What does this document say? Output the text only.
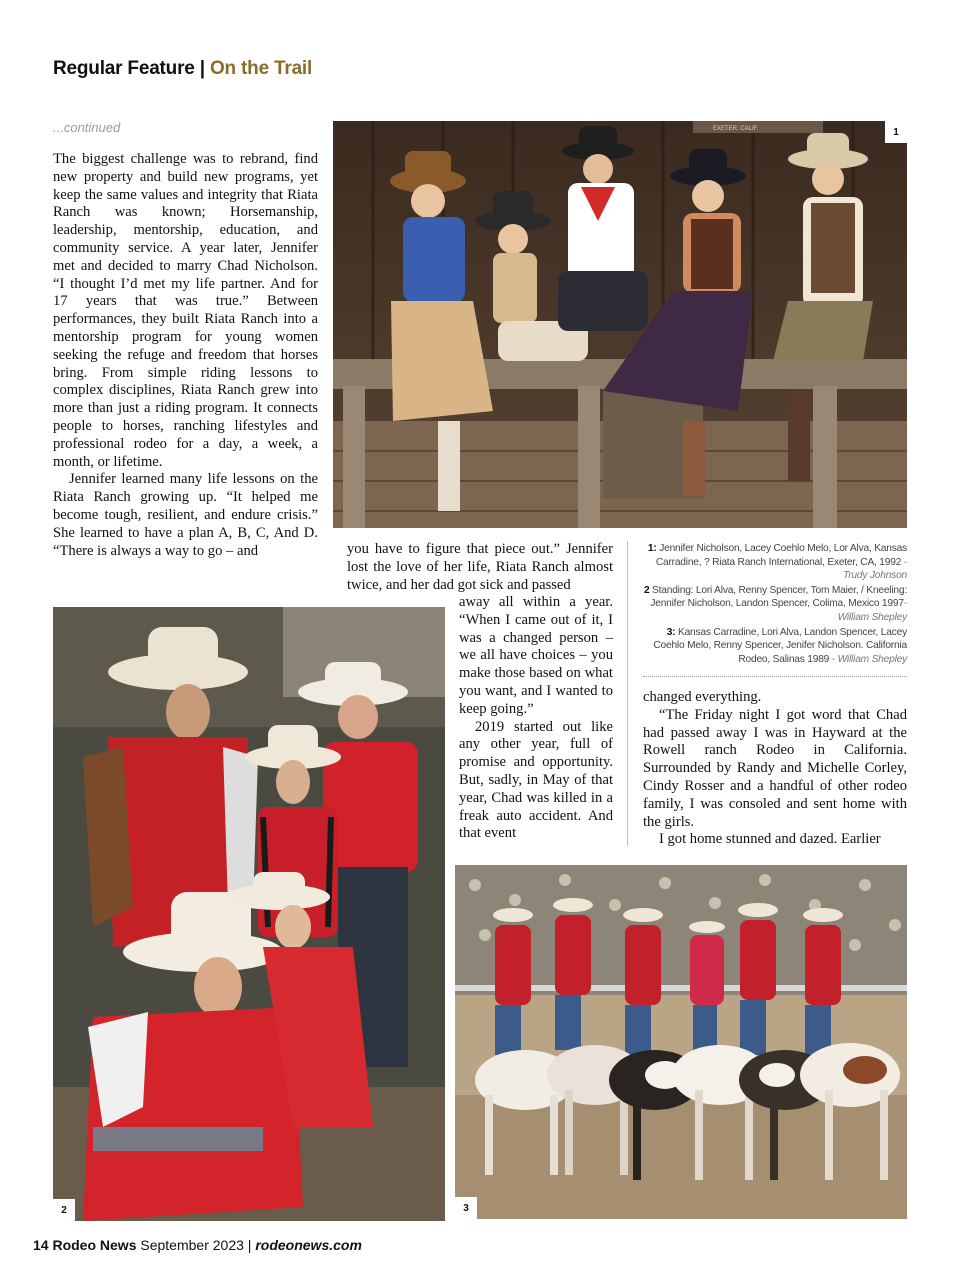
Regular Feature | On the Trail
...continued

The biggest challenge was to rebrand, find new property and build new programs, yet keep the same values and integrity that Riata Ranch was known; Horsemanship, leadership, mentorship, education, and community service. A year later, Jennifer met and decided to marry Chad Nicholson. “I thought I’d met my life partner. And for 17 years that was true.” Between performances, they built Riata Ranch into a mentorship program for young women seeking the refuge and freedom that horses bring. From simple riding lessons to complex disciplines, Riata Ranch grew into more than just a riding program. It connects people to horses, ranching lifestyles and professional rodeo for a day, a week, a month, or lifetime.

Jennifer learned many life lessons on the Riata Ranch growing up. “It helped me become tough, resilient, and endure crisis.” She learned to have a plan A, B, C, And D. “There is always a way to go – and

EXETER, CALIF.	1

you have to figure that piece out.” Jennifer lost the love of her life, Riata Ranch almost twice, and her dad got sick and passed

away all within a year. “When I came out of it, I was a changed person – we all have choices – you make those based on what you want, and I wanted to keep going.”

2019 started out like any other year, full of promise and opportunity. But, sadly, in May of that year, Chad was killed in a freak auto accident. And that event

1: Jennifer Nicholson, Lacey Coehlo Melo, Lor Alva, Kansas Carradine, ? Riata Ranch International, Exeter, CA, 1992 - Trudy Johnson
2 Standing: Lori Alva, Renny Spencer, Tom Maier, / Kneeling: Jennifer Nicholson, Landon Spencer, Colima, Mexico 1997- William Shepley
3: Kansas Carradine, Lori Alva, Landon Spencer, Lacey Coehlo Melo, Renny Spencer, Jenifer Nicholson. California Rodeo, Salinas 1989 - William Shepley

changed everything.

“The Friday night I got word that Chad had passed away I was in Hayward at the Rowell ranch Rodeo in California. Surrounded by Randy and Michelle Corley, Cindy Rosser and a handful of other rodeo family, I was consoled and sent home with the girls.

I got home stunned and dazed. Earlier

2	3
14 Rodeo News September 2023 | rodeonews.com
